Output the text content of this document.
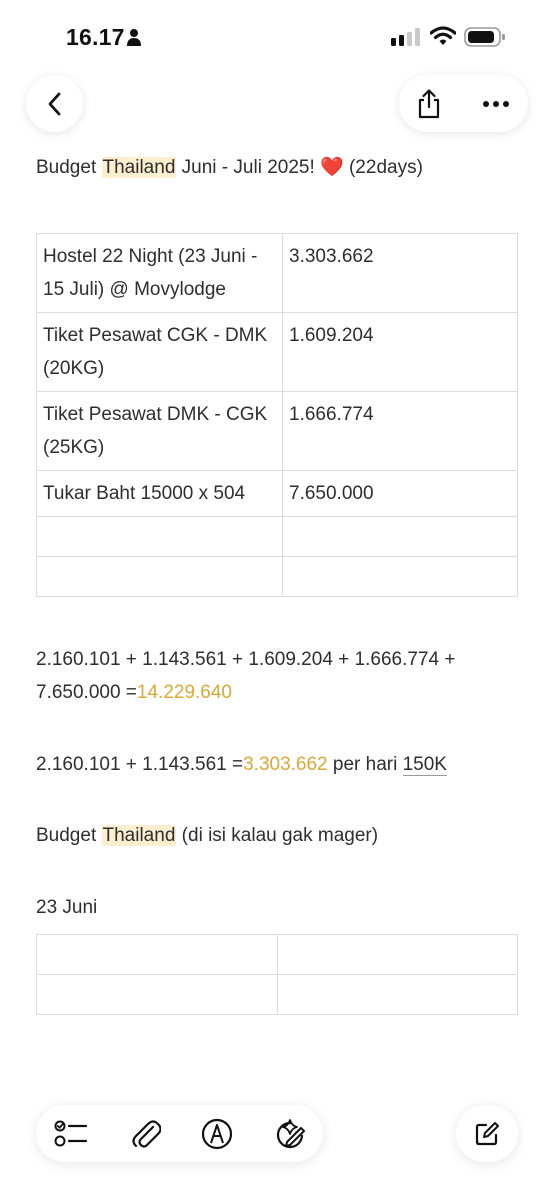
16.17
Budget Thailand Juni - Juli 2025! ❤️ (22days)
Hostel 22 Night (23 Juni - 15 Juli) @ Movylodge	3.303.662
Tiket Pesawat CGK - DMK (20KG)	1.609.204
Tiket Pesawat DMK - CGK (25KG)	1.666.774
Tukar Baht 15000 x 504	7.650.000

2.160.101 + 1.143.561 + 1.609.204 + 1.666.774 +
7.650.000 =14.229.640
2.160.101 + 1.143.561 =3.303.662 per hari 150K
Budget Thailand (di isi kalau gak mager)
23 Juni
